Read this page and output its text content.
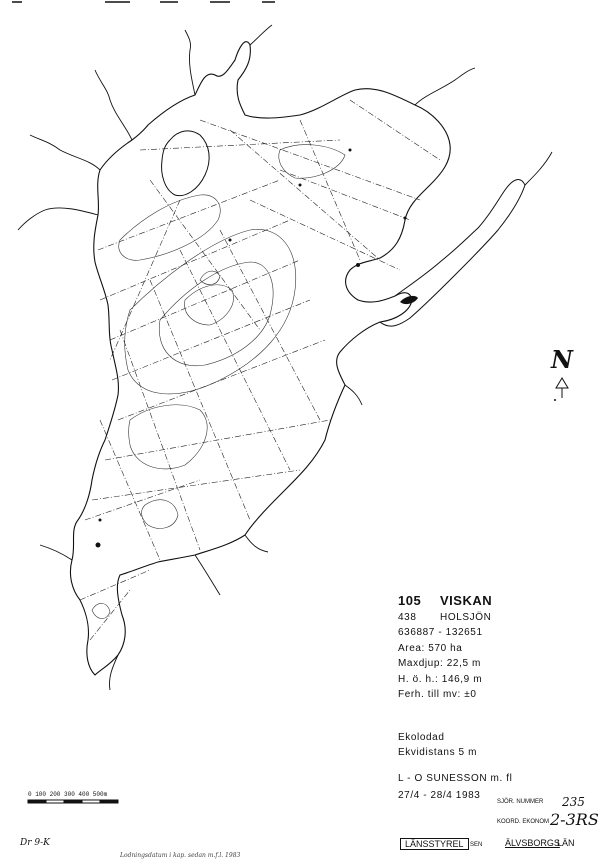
N
105 VISKAN
438 HOLSJÖN
636887 - 132651
Area: 570 ha
Maxdjup: 22,5 m
H. ö. h.: 146,9 m
Ferh. till mv: ±0
Ekolodad
Ekvidistans 5 m
L - O SUNESSON m. fl
27/4 - 28/4 1983
SJÖR. NUMMER 235
KOORD. EKONOM 2-3RS
LÄNSSTYREL	SEN	ÄLVSBORGS
LÄN
0 100 200 300 400 500m
Dr 9-K
Lodningsdatum i kap. sedan m.f.l. 1983
